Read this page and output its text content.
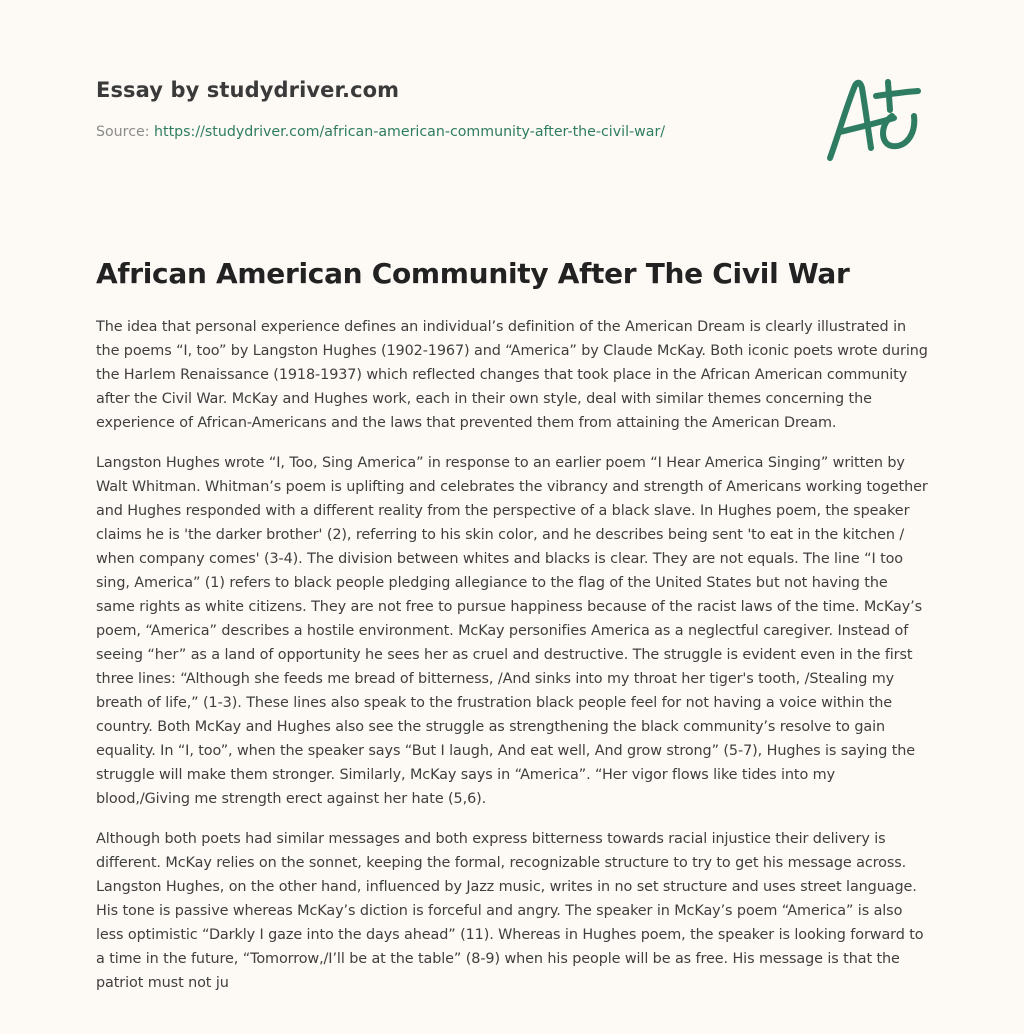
Essay by studydriver.com
Source: https://studydriver.com/african-american-community-after-the-civil-war/
African American Community After The Civil War

The idea that personal experience defines an individual’s definition of the American Dream is clearly illustrated in the poems “I, too” by Langston Hughes (1902-1967) and “America” by Claude McKay. Both iconic poets wrote during the Harlem Renaissance (1918-1937) which reflected changes that took place in the African American community after the Civil War. McKay and Hughes work, each in their own style, deal with similar themes concerning the experience of African-Americans and the laws that prevented them from attaining the American Dream.

Langston Hughes wrote “I, Too, Sing America” in response to an earlier poem “I Hear America Singing” written by Walt Whitman. Whitman’s poem is uplifting and celebrates the vibrancy and strength of Americans working together and Hughes responded with a different reality from the perspective of a black slave. In Hughes poem, the speaker claims he is 'the darker brother' (2), referring to his skin color, and he describes being sent 'to eat in the kitchen / when company comes' (3-4). The division between whites and blacks is clear. They are not equals. The line “I too sing, America” (1) refers to black people pledging allegiance to the flag of the United States but not having the same rights as white citizens. They are not free to pursue happiness because of the racist laws of the time. McKay’s poem, “America” describes a hostile environment. McKay personifies America as a neglectful caregiver. Instead of seeing “her” as a land of opportunity he sees her as cruel and destructive. The struggle is evident even in the first three lines: “Although she feeds me bread of bitterness, /And sinks into my throat her tiger's tooth, /Stealing my breath of life,” (1-3). These lines also speak to the frustration black people feel for not having a voice within the country. Both McKay and Hughes also see the struggle as strengthening the black community’s resolve to gain equality. In “I, too”, when the speaker says “But I laugh, And eat well, And grow strong” (5-7), Hughes is saying the struggle will make them stronger. Similarly, McKay says in “America”. “Her vigor flows like tides into my blood,/Giving me strength erect against her hate (5,6).

Although both poets had similar messages and both express bitterness towards racial injustice their delivery is different. McKay relies on the sonnet, keeping the formal, recognizable structure to try to get his message across. Langston Hughes, on the other hand, influenced by Jazz music, writes in no set structure and uses street language. His tone is passive whereas McKay’s diction is forceful and angry. The speaker in McKay’s poem “America” is also less optimistic “Darkly I gaze into the days ahead” (11). Whereas in Hughes poem, the speaker is looking forward to a time in the future, “Tomorrow,/I’ll be at the table” (8-9) when his people will be as free. His message is that the patriot must not ju
